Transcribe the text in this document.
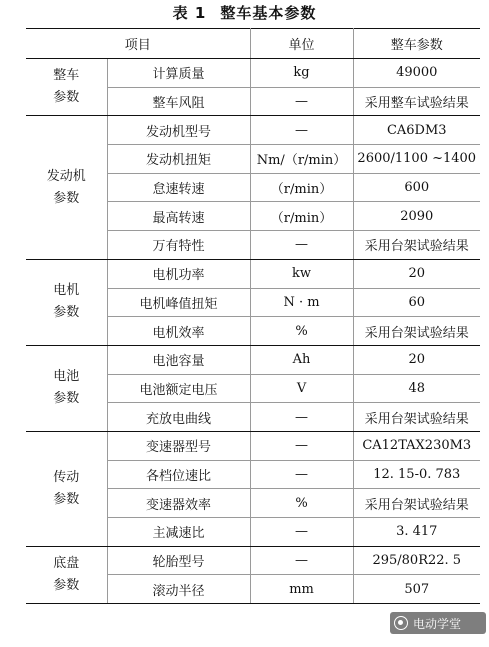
表 1 整车基本参数
项目		单位	整车参数

整车
参数	计算质量	kg	49000
	整车风阻	—	采用整车试验结果

发动机
参数	发动机型号	—	CA6DM3
	发动机扭矩	Nm/（r/min）	2600/1100 ~1400
	怠速转速	（r/min）	600
	最高转速	（r/min）	2090
	万有特性	—	采用台架试验结果

电机
参数	电机功率	kw	20
	电机峰值扭矩	N · m	60
	电机效率	%	采用台架试验结果

电池
参数	电池容量	Ah	20
	电池额定电压	V	48
	充放电曲线	—	采用台架试验结果

传动
参数	变速器型号	—	CA12TAX230M3
	各档位速比	—	12. 15-0. 783
	变速器效率	%	采用台架试验结果
	主减速比	—	3. 417

底盘
参数	轮胎型号	—	295/80R22. 5
	滚动半径	mm	507
电动学堂
